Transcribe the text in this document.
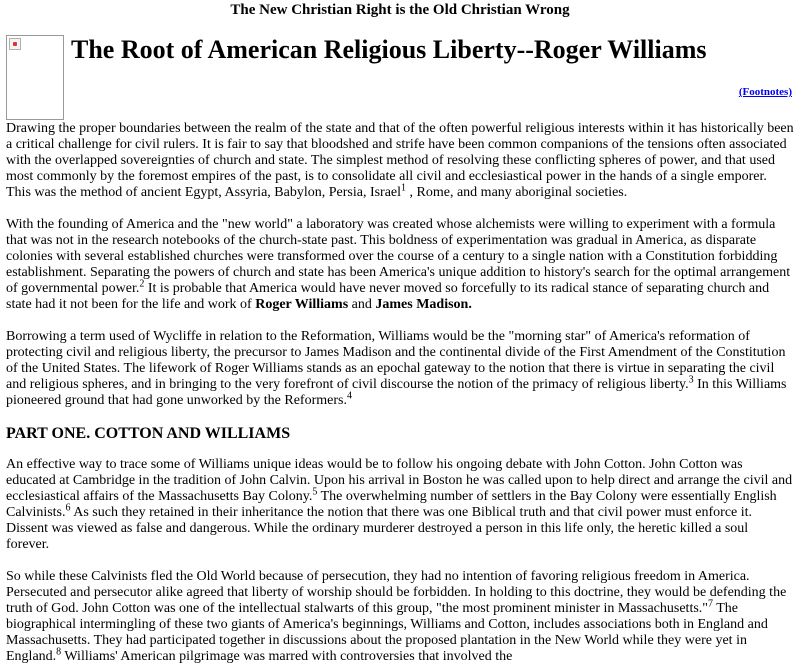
The New Christian Right is the Old Christian Wrong
The Root of American Religious Liberty--Roger Williams
(Footnotes)

Drawing the proper boundaries between the realm of the state and that of the often powerful religious interests within it has historically been a critical challenge for civil rulers. It is fair to say that bloodshed and strife have been common companions of the tensions often associated with the overlapped sovereignties of church and state. The simplest method of resolving these conflicting spheres of power, and that used most commonly by the foremost empires of the past, is to consolidate all civil and ecclesiastical power in the hands of a single emporer. This was the method of ancient Egypt, Assyria, Babylon, Persia, Israel$^1$ , Rome, and many aboriginal societies.

With the founding of America and the "new world" a laboratory was created whose alchemists were willing to experiment with a formula that was not in the research notebooks of the church-state past. This boldness of experimentation was gradual in America, as disparate colonies with several established churches were transformed over the course of a century to a single nation with a Constitution forbidding establishment. Separating the powers of church and state has been America's unique addition to history's search for the optimal arrangement of governmental power.$^2$ It is probable that America would have never moved so forcefully to its radical stance of separating church and state had it not been for the life and work of Roger Williams and James Madison.

Borrowing a term used of Wycliffe in relation to the Reformation, Williams would be the "morning star" of America's reformation of protecting civil and religious liberty, the precursor to James Madison and the continental divide of the First Amendment of the Constitution of the United States. The lifework of Roger Williams stands as an epochal gateway to the notion that there is virtue in separating the civil and religious spheres, and in bringing to the very forefront of civil discourse the notion of the primacy of religious liberty.$^3$ In this Williams pioneered ground that had gone unworked by the Reformers.$^4$

PART ONE. COTTON AND WILLIAMS

An effective way to trace some of Williams unique ideas would be to follow his ongoing debate with John Cotton. John Cotton was educated at Cambridge in the tradition of John Calvin. Upon his arrival in Boston he was called upon to help direct and arrange the civil and ecclesiastical affairs of the Massachusetts Bay Colony.$^5$ The overwhelming number of settlers in the Bay Colony were essentially English Calvinists.$^6$ As such they retained in their inheritance the notion that there was one Biblical truth and that civil power must enforce it. Dissent was viewed as false and dangerous. While the ordinary murderer destroyed a person in this life only, the heretic killed a soul forever.

So while these Calvinists fled the Old World because of persecution, they had no intention of favoring religious freedom in America. Persecuted and persecutor alike agreed that liberty of worship should be forbidden. In holding to this doctrine, they would be defending the truth of God. John Cotton was one of the intellectual stalwarts of this group, "the most prominent minister in Massachusetts."$^7$ The biographical intermingling of these two giants of America's beginnings, Williams and Cotton, includes associations both in England and Massachusetts. They had participated together in discussions about the proposed plantation in the New World while they were yet in England.$^8$ Williams' American pilgrimage was marred with controversies that involved the
